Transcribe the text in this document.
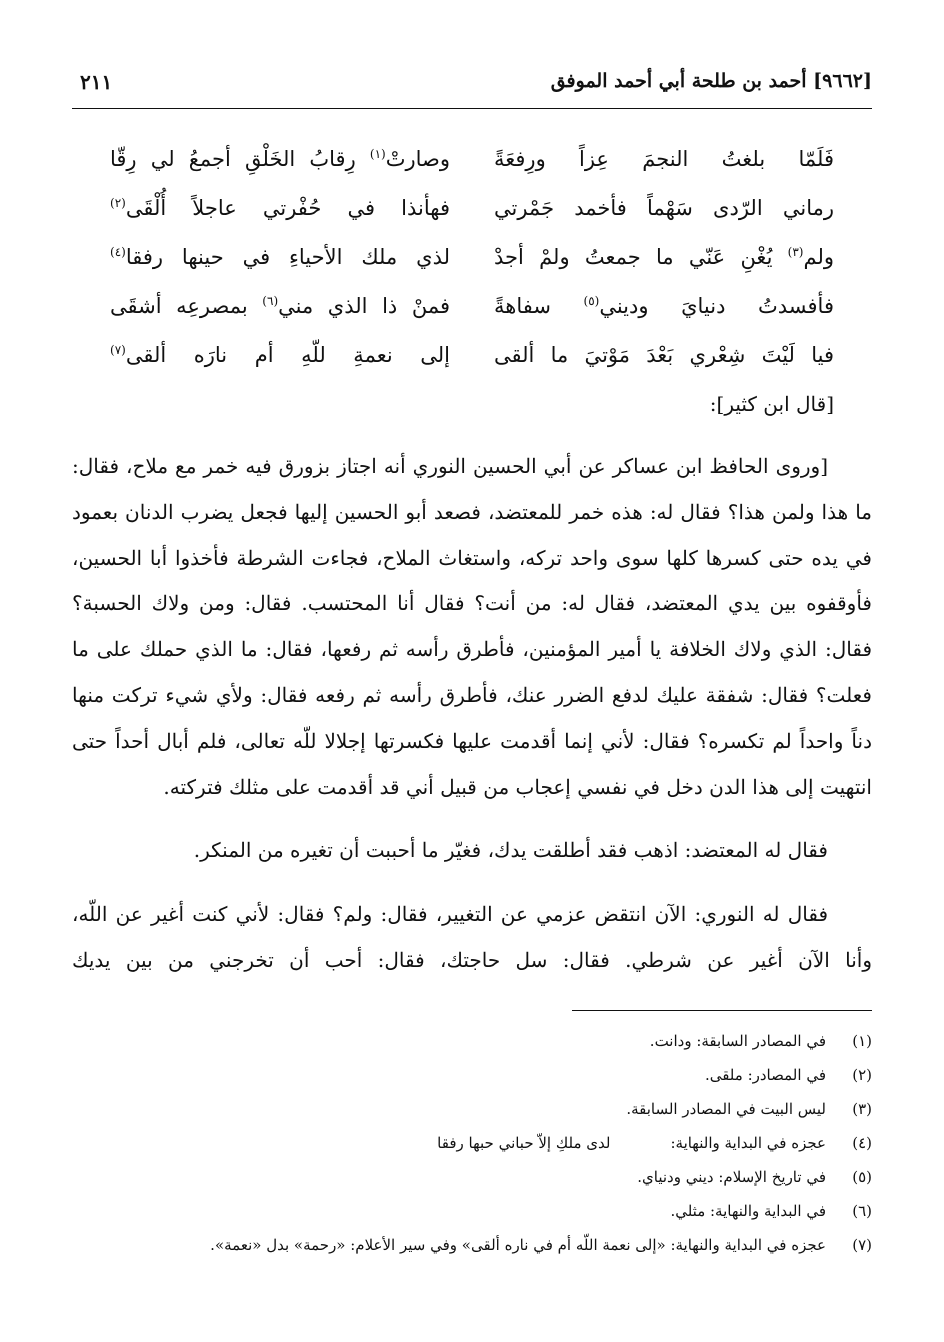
[٩٦٦٢] أحمد بن طلحة أبي أحمد الموفق
٢١١
فَلَمّا بلغتُ النجمَ عِزاً ورِفعَةً
وصارتْ$^{(١)}$ رِقابُ الخَلْقِ أجمعُ لي رِقّا
رماني الرّدى سَهْماً فأخمد جَمْرتي
فهأنذا في حُفْرتي عاجلاً أُلْقَى$^{(٢)}$
ولم$^{(٣)}$ يُغْنِ عَنّي ما جمعتُ ولمْ أجدْ
لذي ملك الأحياءِ في حينها رفقا$^{(٤)}$
فأفسدتُ دنيايَ وديني$^{(٥)}$ سفاهةً
فمنْ ذا الذي مني$^{(٦)}$ بمصرعِه أشقَى
فيا لَيْتَ شِعْري بَعْدَ مَوْتيَ ما ألقى
إلى نعمةِ للّهِ أم نارَه ألقى$^{(٧)}$
[قال ابن كثير]:

[وروى الحافظ ابن عساكر عن أبي الحسين النوري أنه اجتاز بزورق فيه خمر مع ملاح، فقال: ما هذا ولمن هذا؟ فقال له: هذه خمر للمعتضد، فصعد أبو الحسين إليها فجعل يضرب الدنان بعمود في يده حتى كسرها كلها سوى واحد تركه، واستغاث الملاح، فجاءت الشرطة فأخذوا أبا الحسين، فأوقفوه بين يدي المعتضد، فقال له: من أنت؟ فقال أنا المحتسب. فقال: ومن ولاك الحسبة؟ فقال: الذي ولاك الخلافة يا أمير المؤمنين، فأطرق رأسه ثم رفعها، فقال: ما الذي حملك على ما فعلت؟ فقال: شفقة عليك لدفع الضرر عنك، فأطرق رأسه ثم رفعه فقال: ولأي شيء تركت منها دناً واحداً لم تكسره؟ فقال: لأني إنما أقدمت عليها فكسرتها إجلالا للّه تعالى، فلم أبال أحداً حتى انتهيت إلى هذا الدن دخل في نفسي إعجاب من قبيل أني قد أقدمت على مثلك فتركته.

فقال له المعتضد: اذهب فقد أطلقت يدك، فغيّر ما أحببت أن تغيره من المنكر.

فقال له النوري: الآن انتقض عزمي عن التغيير، فقال: ولم؟ فقال: لأني كنت أغير عن اللّه، وأنا الآن أغير عن شرطي. فقال: سل حاجتك، فقال: أحب أن تخرجني من بين يديك

(١)
في المصادر السابقة: ودانت.
(٢)
في المصادر: ملقى.
(٣)
ليس البيت في المصادر السابقة.
(٤)
عجزه في البداية والنهاية:
لدى ملكِ إلاّ حباني حبها رفقا
(٥)
في تاريخ الإسلام: ديني ودنياي.
(٦)
في البداية والنهاية: مثلي.
(٧)
عجزه في البداية والنهاية: «إلى نعمة اللّه أم في ناره ألقى» وفي سير الأعلام: «رحمة» بدل «نعمة».
